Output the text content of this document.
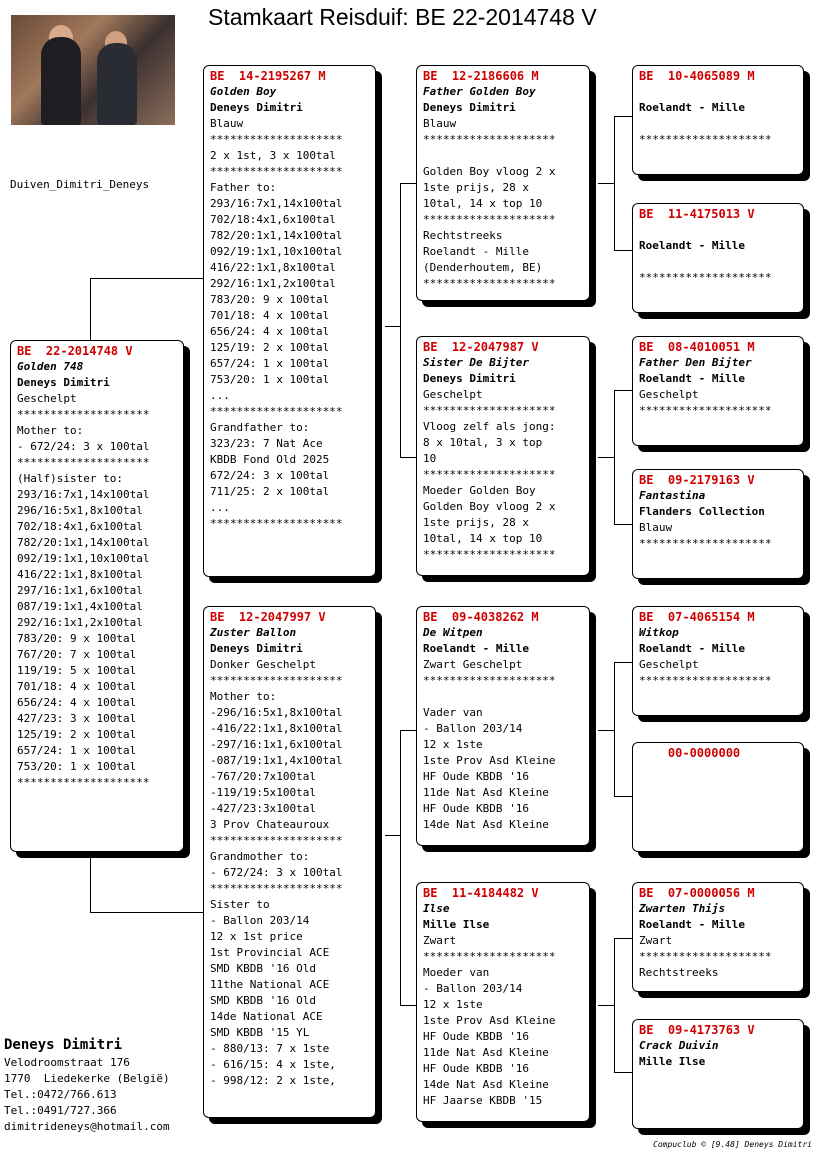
Stamkaart Reisduif: BE 22-2014748 V
Duiven_Dimitri_Deneys
BE  22-2014748 V
Golden 748
Deneys Dimitri
Geschelpt
********************
Mother to:
- 672/24: 3 x 100tal
********************
(Half)sister to:
293/16:7x1,14x100tal
296/16:5x1,8x100tal
702/18:4x1,6x100tal
782/20:1x1,14x100tal
092/19:1x1,10x100tal
416/22:1x1,8x100tal
297/16:1x1,6x100tal
087/19:1x1,4x100tal
292/16:1x1,2x100tal
783/20: 9 x 100tal
767/20: 7 x 100tal
119/19: 5 x 100tal
701/18: 4 x 100tal
656/24: 4 x 100tal
427/23: 3 x 100tal
125/19: 2 x 100tal
657/24: 1 x 100tal
753/20: 1 x 100tal
********************
BE  14-2195267 M
Golden Boy
Deneys Dimitri
Blauw
********************
2 x 1st, 3 x 100tal
********************
Father to:
293/16:7x1,14x100tal
702/18:4x1,6x100tal
782/20:1x1,14x100tal
092/19:1x1,10x100tal
416/22:1x1,8x100tal
292/16:1x1,2x100tal
783/20: 9 x 100tal
701/18: 4 x 100tal
656/24: 4 x 100tal
125/19: 2 x 100tal
657/24: 1 x 100tal
753/20: 1 x 100tal
...
********************
Grandfather to:
323/23: 7 Nat Ace
KBDB Fond Old 2025
672/24: 3 x 100tal
711/25: 2 x 100tal
...
********************
BE  12-2047997 V
Zuster Ballon
Deneys Dimitri
Donker Geschelpt
********************
Mother to:
-296/16:5x1,8x100tal
-416/22:1x1,8x100tal
-297/16:1x1,6x100tal
-087/19:1x1,4x100tal
-767/20:7x100tal
-119/19:5x100tal
-427/23:3x100tal
3 Prov Chateauroux
********************
Grandmother to:
- 672/24: 3 x 100tal
********************
Sister to
- Ballon 203/14
12 x 1st price
1st Provincial ACE
SMD KBDB '16 Old
11the National ACE
SMD KBDB '16 Old
14de National ACE
SMD KBDB '15 YL
- 880/13: 7 x 1ste
- 616/15: 4 x 1ste,
- 998/12: 2 x 1ste,
BE  12-2186606 M
Father Golden Boy
Deneys Dimitri
Blauw
********************
Golden Boy vloog 2 x
1ste prijs, 28 x
10tal, 14 x top 10
********************
Rechtstreeks
Roelandt - Mille
(Denderhoutem, BE)
********************
BE  12-2047987 V
Sister De Bijter
Deneys Dimitri
Geschelpt
********************
Vloog zelf als jong:
8 x 10tal, 3 x top
10
********************
Moeder Golden Boy
Golden Boy vloog 2 x
1ste prijs, 28 x
10tal, 14 x top 10
********************
BE  09-4038262 M
De Witpen
Roelandt - Mille
Zwart Geschelpt
********************
Vader van
- Ballon 203/14
12 x 1ste
1ste Prov Asd Kleine
HF Oude KBDB '16
11de Nat Asd Kleine
HF Oude KBDB '16
14de Nat Asd Kleine
BE  11-4184482 V
Ilse
Mille Ilse
Zwart
********************
Moeder van
- Ballon 203/14
12 x 1ste
1ste Prov Asd Kleine
HF Oude KBDB '16
11de Nat Asd Kleine
HF Oude KBDB '16
14de Nat Asd Kleine
HF Jaarse KBDB '15
BE  10-4065089 M
Roelandt - Mille
********************
BE  11-4175013 V
Roelandt - Mille
********************
BE  08-4010051 M
Father Den Bijter
Roelandt - Mille
Geschelpt
********************
BE  09-2179163 V
Fantastina
Flanders Collection
Blauw
********************
BE  07-4065154 M
Witkop
Roelandt - Mille
Geschelpt
********************
00-0000000
BE  07-0000056 M
Zwarten Thijs
Roelandt - Mille
Zwart
********************
Rechtstreeks
BE  09-4173763 V
Crack Duivin
Mille Ilse
Deneys Dimitri
Velodroomstraat 176
1770  Liedekerke (België)
Tel.:0472/766.613
Tel.:0491/727.366
dimitrideneys@hotmail.com
Compuclub © [9.48] Deneys Dimitri
